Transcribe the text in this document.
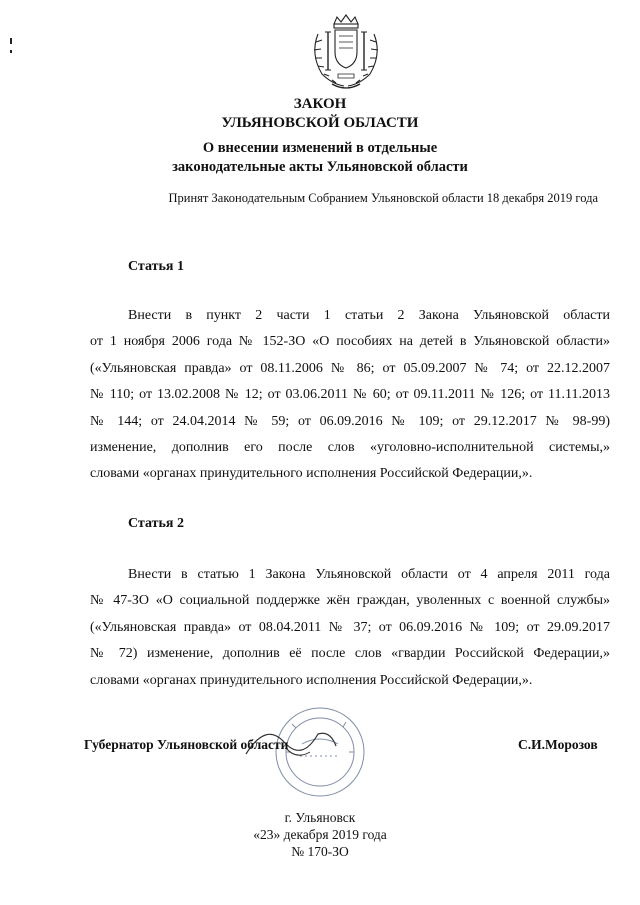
ЗАКОН
УЛЬЯНОВСКОЙ ОБЛАСТИ
О внесении изменений в отдельные
законодательные акты Ульяновской области
Принят Законодательным Собранием Ульяновской области 18 декабря 2019 года
Статья 1
Внести в пункт 2 части 1 статьи 2 Закона Ульяновской области
от 1 ноября 2006 года № 152-ЗО «О пособиях на детей в Ульяновской области»
(«Ульяновская правда» от 08.11.2006 № 86; от 05.09.2007 № 74; от 22.12.2007
№ 110; от 13.02.2008 № 12; от 03.06.2011 № 60; от 09.11.2011 № 126; от 11.11.2013
№ 144; от 24.04.2014 № 59; от 06.09.2016 № 109; от 29.12.2017 № 98-99)
изменение, дополнив его после слов «уголовно-исполнительной системы,»
словами «органах принудительного исполнения Российской Федерации,».
Статья 2
Внести в статью 1 Закона Ульяновской области от 4 апреля 2011 года
№ 47-ЗО «О социальной поддержке жён граждан, уволенных с военной службы»
(«Ульяновская правда» от 08.04.2011 № 37; от 06.09.2016 № 109; от 29.09.2017
№ 72) изменение, дополнив её после слов «гвардии Российской Федерации,»
словами «органах принудительного исполнения Российской Федерации,».
Губернатор Ульяновской области	С.И.Морозов
г. Ульяновск
«23» декабря 2019 года
№ 170-ЗО
